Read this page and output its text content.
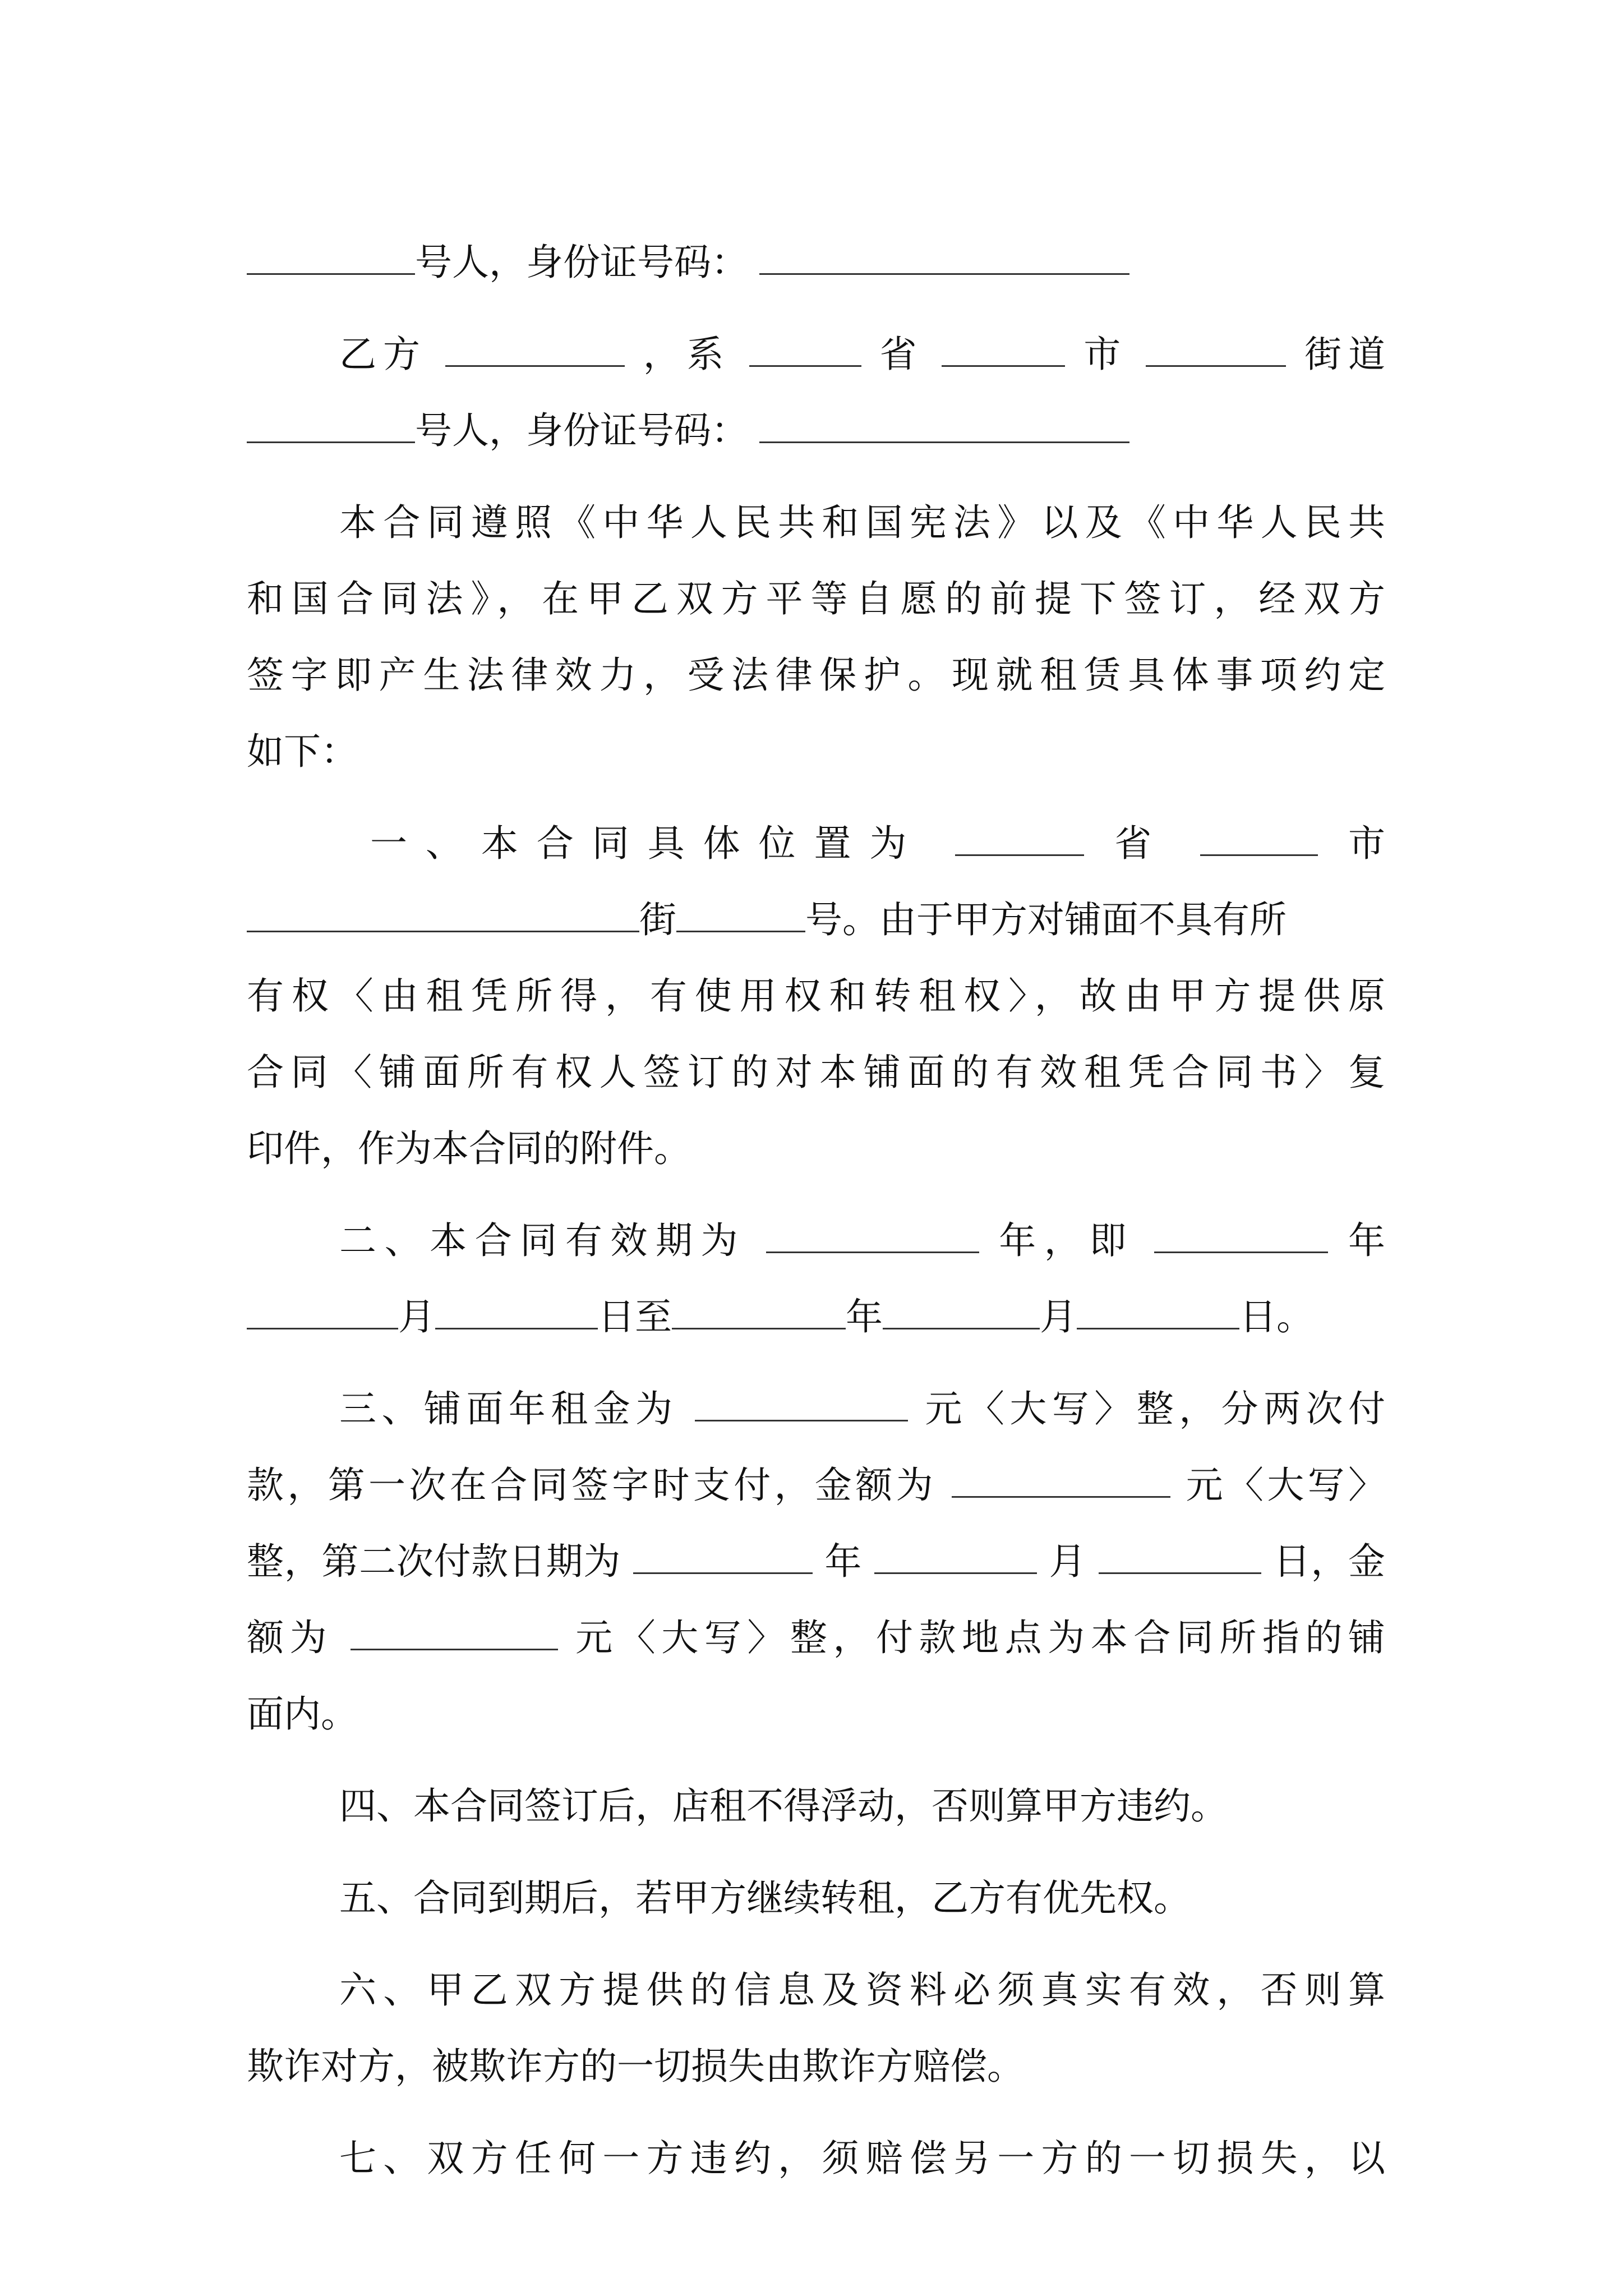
号人，身份证号码：
乙方	，系	省	市	街道
号人，身份证号码：
本合同遵照《中华人民共和国宪法》以及《中华人民共
和国合同法》，在甲乙双方平等自愿的前提下签订，经双方
签字即产生法律效力，受法律保护。现就租赁具体事项约定
如下：
一、本合同具体位置为	省	市
街	号。由于甲方对铺面不具有所
有权〈由租凭所得，有使用权和转租权〉，故由甲方提供原
合同〈铺面所有权人签订的对本铺面的有效租凭合同书〉复
印件，作为本合同的附件。
二、本合同有效期为	年，即	年
月	日至	年	月	日。
三、铺面年租金为	元〈大写〉整，分两次付
款，第一次在合同签字时支付，金额为	元〈大写〉
整，第二次付款日期为	年	月	日，金
额为	元〈大写〉整，付款地点为本合同所指的铺
面内。
四、本合同签订后，店租不得浮动，否则算甲方违约。
五、合同到期后，若甲方继续转租，乙方有优先权。
六、甲乙双方提供的信息及资料必须真实有效，否则算
欺诈对方，被欺诈方的一切损失由欺诈方赔偿。
七、双方任何一方违约，须赔偿另一方的一切损失，以
